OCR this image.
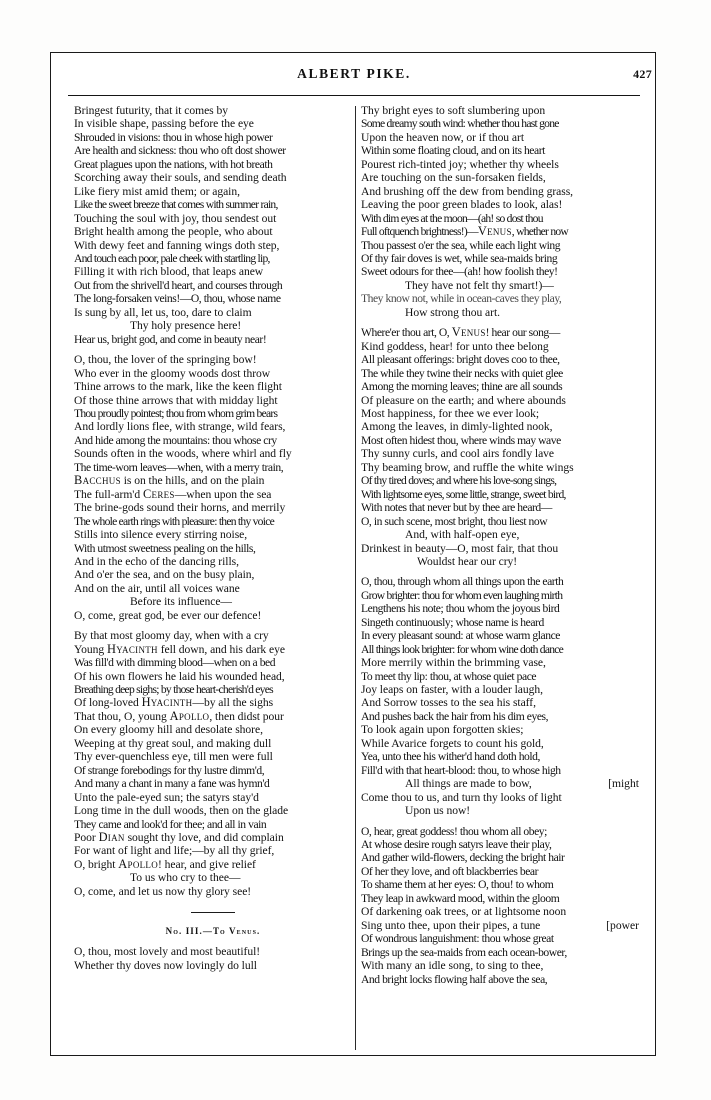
ALBERT PIKE.	427
Bringest futurity, that it comes by
In visible shape, passing before the eye
Shrouded in visions: thou in whose high power
Are health and sickness: thou who oft dost shower
Great plagues upon the nations, with hot breath
Scorching away their souls, and sending death
Like fiery mist amid them; or again,
Like the sweet breeze that comes with summer rain,
Touching the soul with joy, thou sendest out
Bright health among the people, who about
With dewy feet and fanning wings doth step,
And touch each poor, pale cheek with startling lip,
Filling it with rich blood, that leaps anew
Out from the shrivell'd heart, and courses through
The long-forsaken veins!—O, thou, whose name
Is sung by all, let us, too, dare to claim
Thy holy presence here!
Hear us, bright god, and come in beauty near!
O, thou, the lover of the springing bow!
Who ever in the gloomy woods dost throw
Thine arrows to the mark, like the keen flight
Of those thine arrows that with midday light
Thou proudly pointest; thou from whom grim bears
And lordly lions flee, with strange, wild fears,
And hide among the mountains: thou whose cry
Sounds often in the woods, where whirl and fly
The time-worn leaves—when, with a merry train,
Bacchus is on the hills, and on the plain
The full-arm'd Ceres—when upon the sea
The brine-gods sound their horns, and merrily
The whole earth rings with pleasure: then thy voice
Stills into silence every stirring noise,
With utmost sweetness pealing on the hills,
And in the echo of the dancing rills,
And o'er the sea, and on the busy plain,
And on the air, until all voices wane
Before its influence—
O, come, great god, be ever our defence!
By that most gloomy day, when with a cry
Young Hyacinth fell down, and his dark eye
Was fill'd with dimming blood—when on a bed
Of his own flowers he laid his wounded head,
Breathing deep sighs; by those heart-cherish'd eyes
Of long-loved Hyacinth—by all the sighs
That thou, O, young Apollo, then didst pour
On every gloomy hill and desolate shore,
Weeping at thy great soul, and making dull
Thy ever-quenchless eye, till men were full
Of strange forebodings for thy lustre dimm'd,
And many a chant in many a fane was hymn'd
Unto the pale-eyed sun; the satyrs stay'd
Long time in the dull woods, then on the glade
They came and look'd for thee; and all in vain
Poor Dian sought thy love, and did complain
For want of light and life;—by all thy grief,
O, bright Apollo! hear, and give relief
To us who cry to thee—
O, come, and let us now thy glory see!
No. III.—To Venus.
O, thou, most lovely and most beautiful!
Whether thy doves now lovingly do lull
Thy bright eyes to soft slumbering upon
Some dreamy south wind: whether thou hast gone
Upon the heaven now, or if thou art
Within some floating cloud, and on its heart
Pourest rich-tinted joy; whether thy wheels
Are touching on the sun-forsaken fields,
And brushing off the dew from bending grass,
Leaving the poor green blades to look, alas!
With dim eyes at the moon—(ah! so dost thou
Full oftquench brightness!)—Venus, whether now
Thou passest o'er the sea, while each light wing
Of thy fair doves is wet, while sea-maids bring
Sweet odours for thee—(ah! how foolish they!
They have not felt thy smart!)—
They know not, while in ocean-caves they play,
How strong thou art.
Where'er thou art, O, Venus! hear our song—
Kind goddess, hear! for unto thee belong
All pleasant offerings: bright doves coo to thee,
The while they twine their necks with quiet glee
Among the morning leaves; thine are all sounds
Of pleasure on the earth; and where abounds
Most happiness, for thee we ever look;
Among the leaves, in dimly-lighted nook,
Most often hidest thou, where winds may wave
Thy sunny curls, and cool airs fondly lave
Thy beaming brow, and ruffle the white wings
Of thy tired doves; and where his love-song sings,
With lightsome eyes, some little, strange, sweet bird,
With notes that never but by thee are heard—
O, in such scene, most bright, thou liest now
And, with half-open eye,
Drinkest in beauty—O, most fair, that thou
Wouldst hear our cry!
O, thou, through whom all things upon the earth
Grow brighter: thou for whom even laughing mirth
Lengthens his note; thou whom the joyous bird
Singeth continuously; whose name is heard
In every pleasant sound: at whose warm glance
All things look brighter: for whom wine doth dance
More merrily within the brimming vase,
To meet thy lip: thou, at whose quiet pace
Joy leaps on faster, with a louder laugh,
And Sorrow tosses to the sea his staff,
And pushes back the hair from his dim eyes,
To look again upon forgotten skies;
While Avarice forgets to count his gold,
Yea, unto thee his wither'd hand doth hold,
Fill'd with that heart-blood: thou, to whose high
[might
All things are made to bow,
Come thou to us, and turn thy looks of light
Upon us now!
O, hear, great goddess! thou whom all obey;
At whose desire rough satyrs leave their play,
And gather wild-flowers, decking the bright hair
Of her they love, and oft blackberries bear
To shame them at her eyes: O, thou! to whom
They leap in awkward mood, within the gloom
Of darkening oak trees, or at lightsome noon
[power
Sing unto thee, upon their pipes, a tune
Of wondrous languishment: thou whose great
Brings up the sea-maids from each ocean-bower,
With many an idle song, to sing to thee,
And bright locks flowing half above the sea,
